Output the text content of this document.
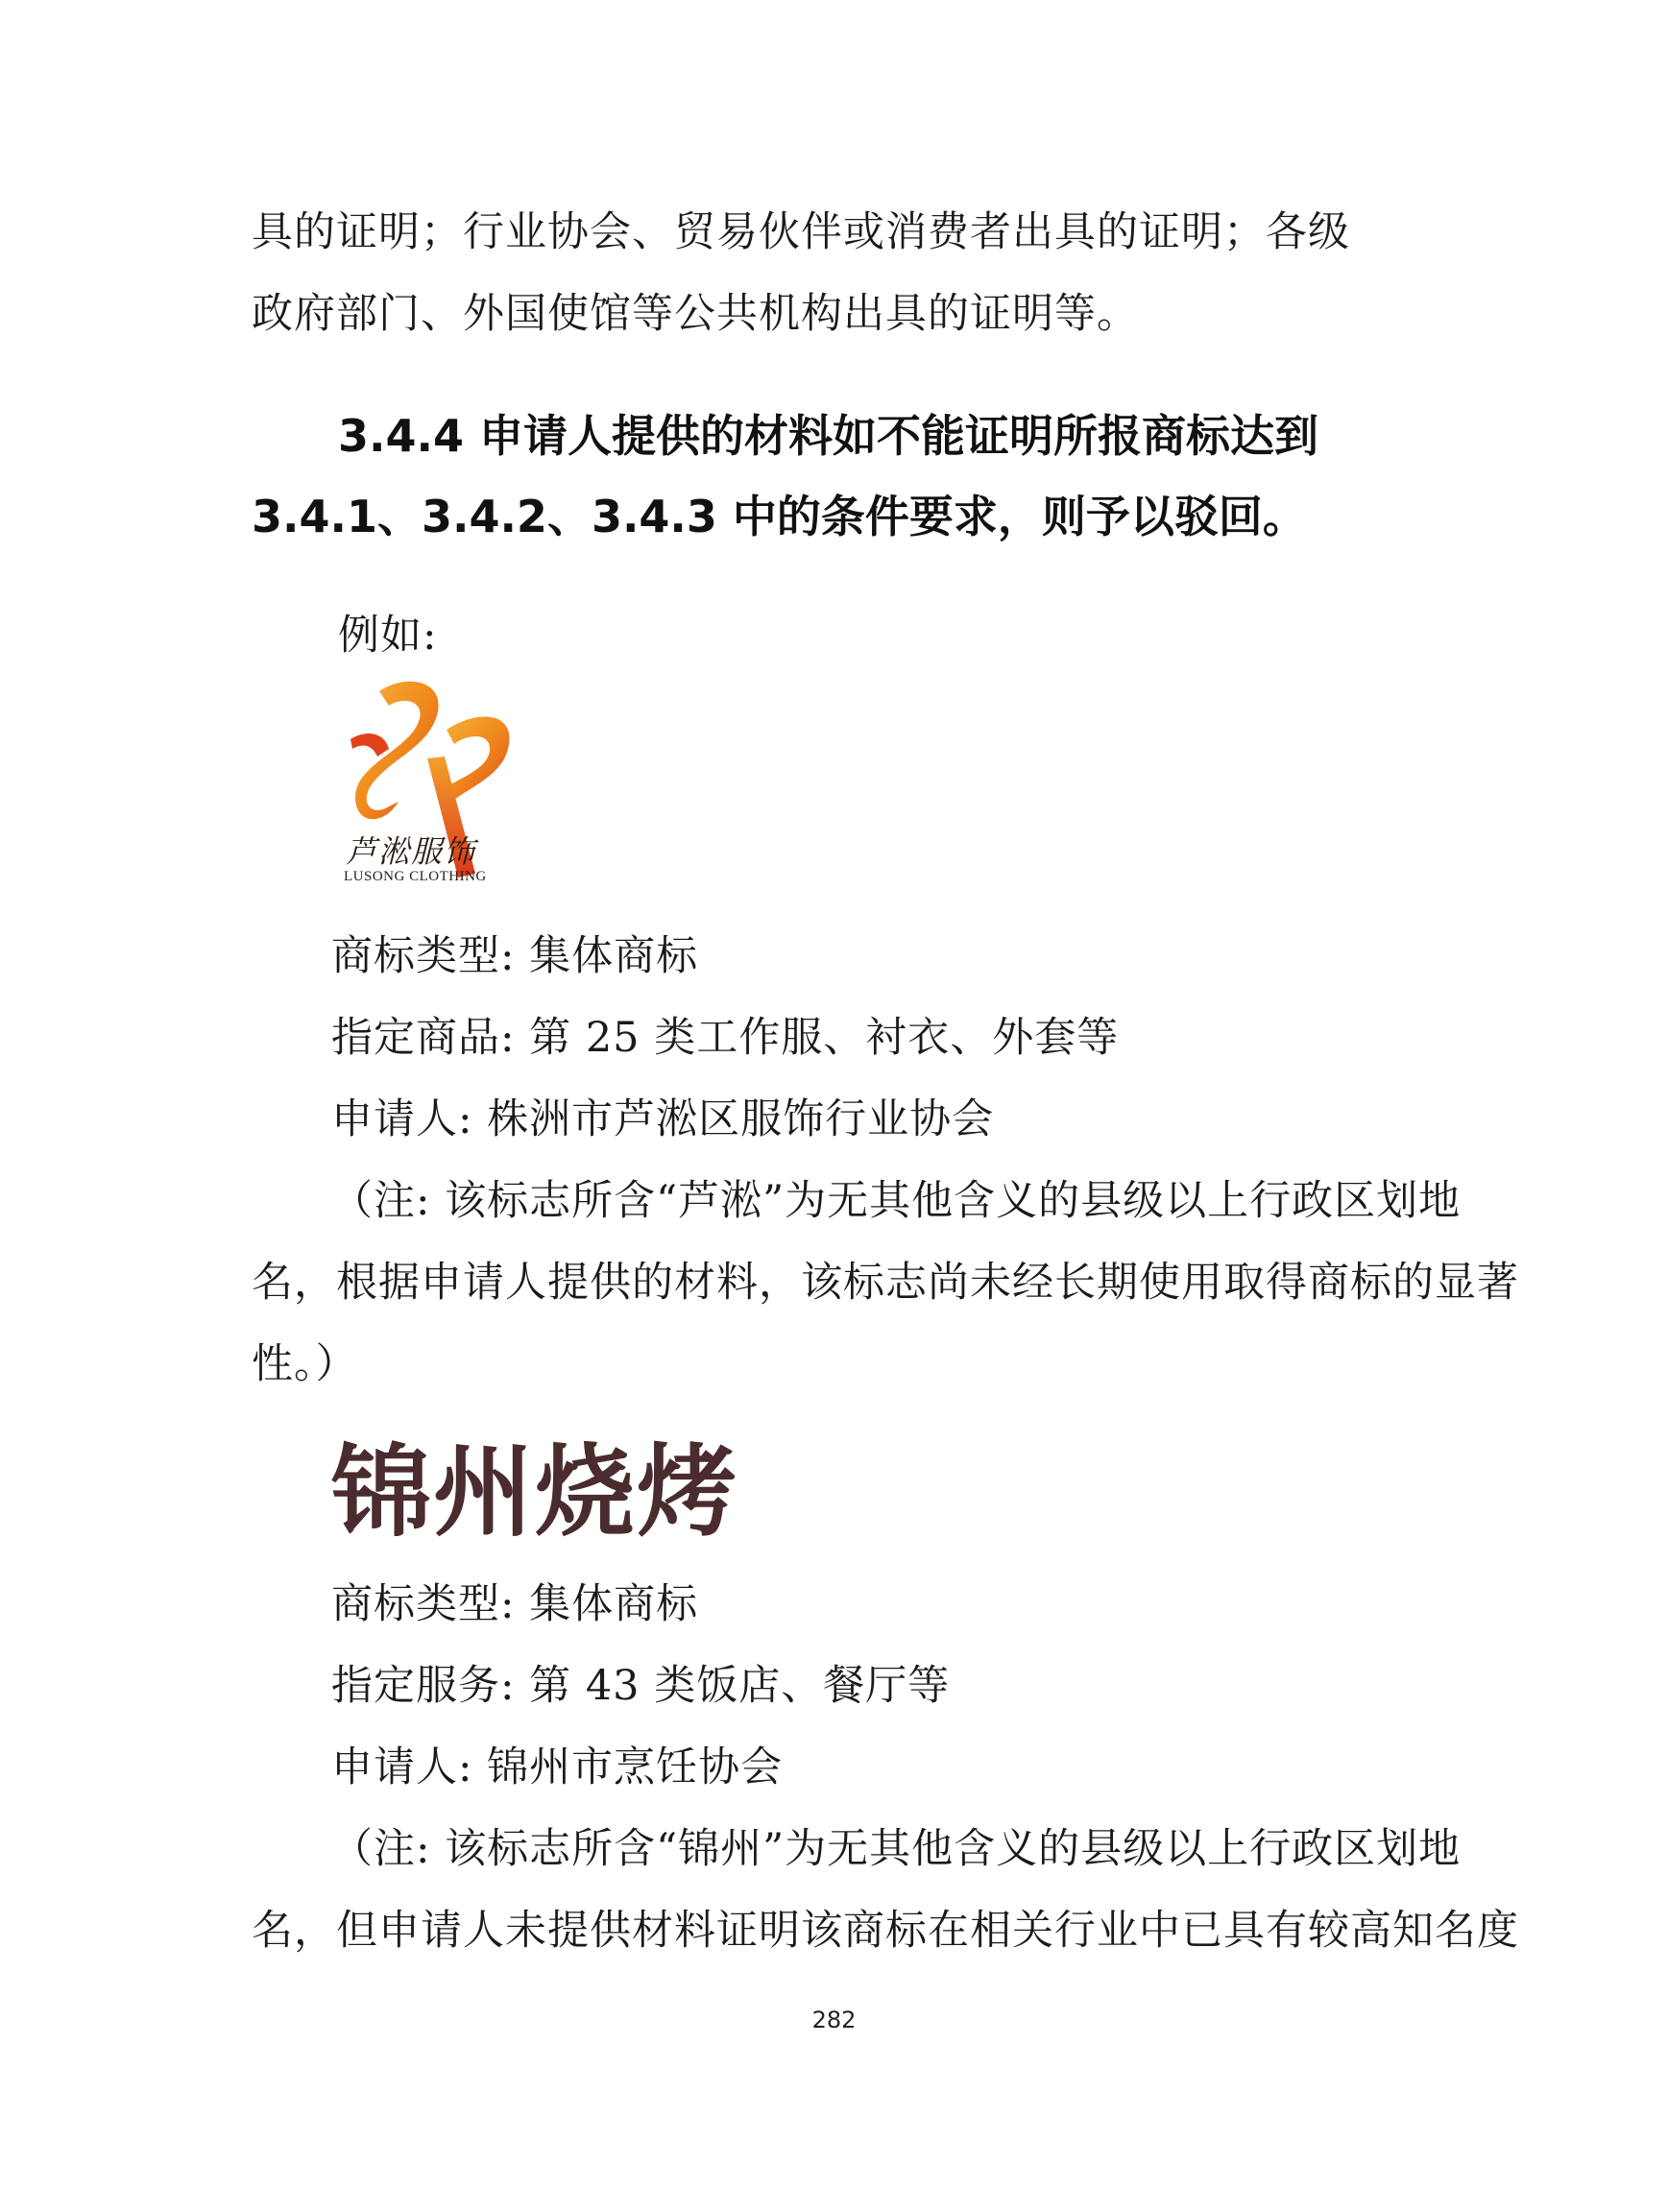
具的证明；行业协会、贸易伙伴或消费者出具的证明；各级
政府部门、外国使馆等公共机构出具的证明等。
3.4.4 申请人提供的材料如不能证明所报商标达到
3.4.1、3.4.2、3.4.3 中的条件要求，则予以驳回。
例如:
芦淞服饰
LUSONG CLOTHING
商标类型: 集体商标
指定商品: 第 25 类工作服、衬衣、外套等
申请人: 株洲市芦淞区服饰行业协会
（注: 该标志所含“芦淞”为无其他含义的县级以上行政区划地
名，根据申请人提供的材料，该标志尚未经长期使用取得商标的显著
性。）
锦州烧烤
商标类型: 集体商标
指定服务: 第 43 类饭店、餐厅等
申请人: 锦州市烹饪协会
（注: 该标志所含“锦州”为无其他含义的县级以上行政区划地
名，但申请人未提供材料证明该商标在相关行业中已具有较高知名度
282
